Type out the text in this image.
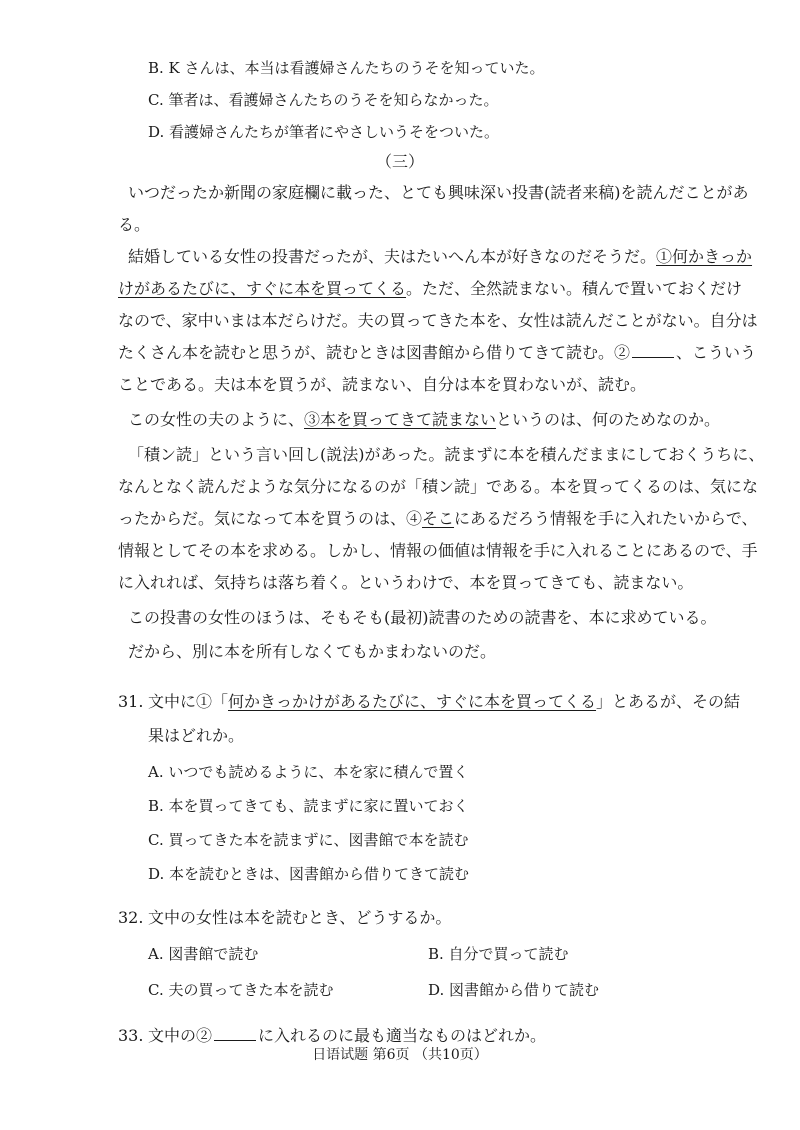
B. K さんは、本当は看護婦さんたちのうそを知っていた。
C. 筆者は、看護婦さんたちのうそを知らなかった。
D. 看護婦さんたちが筆者にやさしいうそをついた。
（三）
いつだったか新聞の家庭欄に載った、とても興味深い投書(読者来稿)を読んだことがあ
る。
結婚している女性の投書だったが、夫はたいへん本が好きなのだそうだ。①何かきっか
けがあるたびに、すぐに本を買ってくる。ただ、全然読まない。積んで置いておくだけ
なので、家中いまは本だらけだ。夫の買ってきた本を、女性は読んだことがない。自分は
たくさん本を読むと思うが、読むときは図書館から借りてきて読む。②	、こういう
ことである。夫は本を買うが、読まない、自分は本を買わないが、読む。
この女性の夫のように、③本を買ってきて読まないというのは、何のためなのか。
「積ン読」という言い回し(説法)があった。読まずに本を積んだままにしておくうちに、
なんとなく読んだような気分になるのが「積ン読」である。本を買ってくるのは、気にな
ったからだ。気になって本を買うのは、④そこにあるだろう情報を手に入れたいからで、
情報としてその本を求める。しかし、情報の価値は情報を手に入れることにあるので、手
に入れれば、気持ちは落ち着く。というわけで、本を買ってきても、読まない。
この投書の女性のほうは、そもそも(最初)読書のための読書を、本に求めている。
だから、別に本を所有しなくてもかまわないのだ。
31. 文中に①「何かきっかけがあるたびに、すぐに本を買ってくる」とあるが、その結
果はどれか。
A. いつでも読めるように、本を家に積んで置く
B. 本を買ってきても、読まずに家に置いておく
C. 買ってきた本を読まずに、図書館で本を読む
D. 本を読むときは、図書館から借りてきて読む
32. 文中の女性は本を読むとき、どうするか。
A. 図書館で読む	B. 自分で買って読む
C. 夫の買ってきた本を読む	D. 図書館から借りて読む
33. 文中の②	に入れるのに最も適当なものはどれか。
日语试题 第6页 （共10页）
